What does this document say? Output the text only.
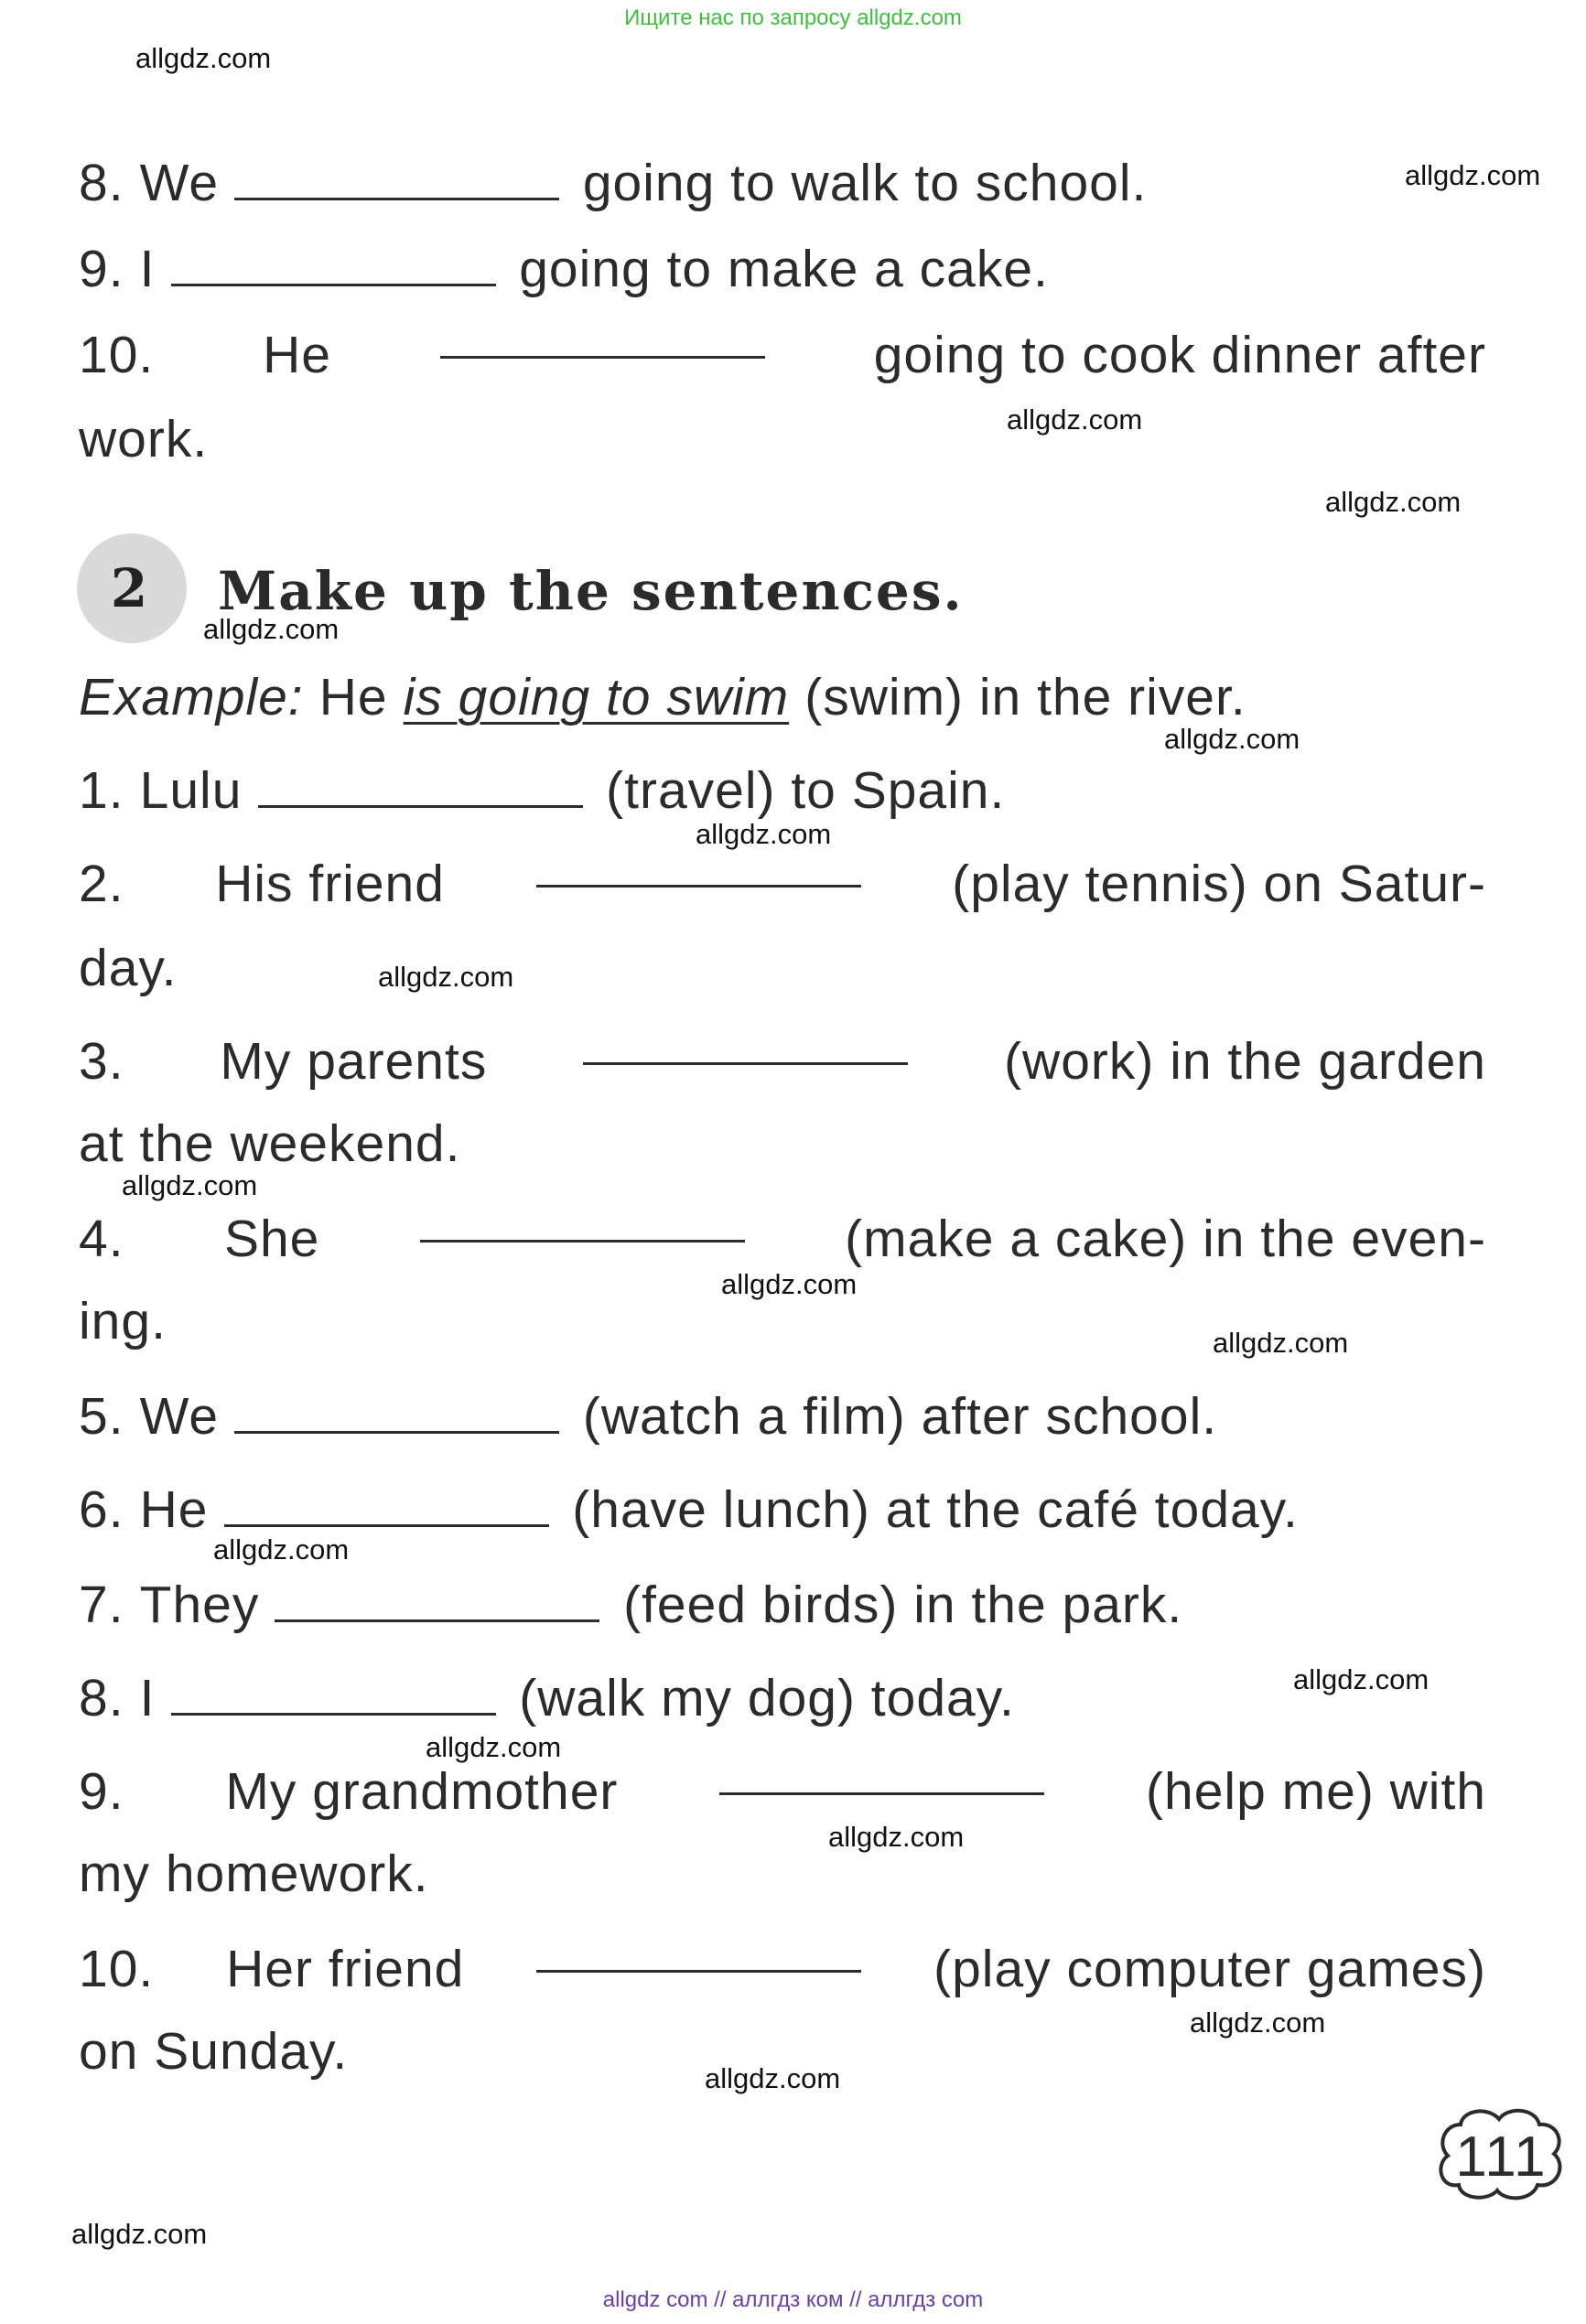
Ищите нас по запросу allgdz.com
allgdz.com
allgdz.com
allgdz.com
allgdz.com
allgdz.com
allgdz.com
allgdz.com
allgdz.com
allgdz.com
allgdz.com
allgdz.com
allgdz.com
allgdz.com
allgdz.com
allgdz.com
allgdz.com
allgdz.com
allgdz.com
8. We	going to walk to school.
9. I	going to make a cake.
10. He	going to cook dinner after
work.
2	Make up the sentences.
Example: He is going to swim (swim) in the river.
1. Lulu	(travel) to Spain.
2. His friend	(play tennis) on Satur-
day.
3. My parents	(work) in the garden
at the weekend.
4. She	(make a cake) in the even-
ing.
5. We	(watch a film) after school.
6. He	(have lunch) at the café today.
7. They	(feed birds) in the park.
8. I	(walk my dog) today.
9. My grandmother	(help me) with
my homework.
10. Her friend	(play computer games)
on Sunday.
111
allgdz com // аллгдз ком // аллгдз com
